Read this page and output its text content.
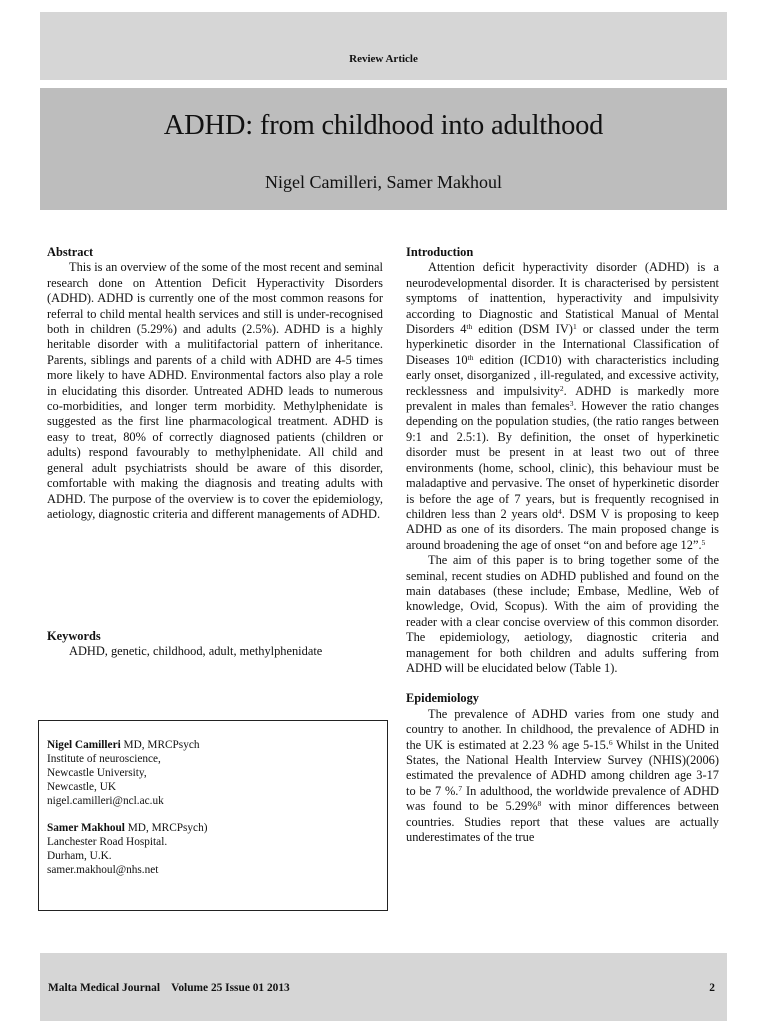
Review Article
ADHD: from childhood into adulthood
Nigel Camilleri, Samer Makhoul

Abstract

This is an overview of the some of the most recent and seminal research done on Attention Deficit Hyperactivity Disorders (ADHD). ADHD is currently one of the most common reasons for referral to child mental health services and still is under-recognised both in children (5.29%) and adults (2.5%). ADHD is a highly heritable disorder with a mulitifactorial pattern of inheritance. Parents, siblings and parents of a child with ADHD are 4-5 times more likely to have ADHD. Environmental factors also play a role in elucidating this disorder. Untreated ADHD leads to numerous co-morbidities, and longer term morbidity. Methylphenidate is suggested as the first line pharmacological treatment. ADHD is easy to treat, 80% of correctly diagnosed patients (children or adults) respond favourably to methylphenidate. All child and general adult psychiatrists should be aware of this disorder, comfortable with making the diagnosis and treating adults with ADHD. The purpose of the overview is to cover the epidemiology, aetiology, diagnostic criteria and different managements of ADHD.

Keywords

ADHD, genetic, childhood, adult, methylphenidate

Nigel Camilleri MD, MRCPsych
Institute of neuroscience,
Newcastle University,
Newcastle, UK
nigel.camilleri@ncl.ac.uk
Samer Makhoul MD, MRCPsych)
Lanchester Road Hospital.
Durham, U.K.
samer.makhoul@nhs.net

Introduction

Attention deficit hyperactivity disorder (ADHD) is a neurodevelopmental disorder. It is characterised by persistent symptoms of inattention, hyperactivity and impulsivity according to Diagnostic and Statistical Manual of Mental Disorders 4th edition (DSM IV)$^1$ or classed under the term hyperkinetic disorder in the International Classification of Diseases 10th edition (ICD10) with characteristics including early onset, disorganized , ill-regulated, and excessive activity, recklessness and impulsivity$^2$. ADHD is markedly more prevalent in males than females$^3$. However the ratio changes depending on the population studies, (the ratio ranges between 9:1 and 2.5:1). By definition, the onset of hyperkinetic disorder must be present in at least two out of three environments (home, school, clinic), this behaviour must be maladaptive and pervasive. The onset of hyperkinetic disorder is before the age of 7 years, but is frequently recognised in children less than 2 years old$^4$. DSM V is proposing to keep ADHD as one of its disorders. The main proposed change is around broadening the age of onset “on and before age 12”.$^5$

The aim of this paper is to bring together some of the seminal, recent studies on ADHD published and found on the main databases (these include; Embase, Medline, Web of knowledge, Ovid, Scopus). With the aim of providing the reader with a clear concise overview of this common disorder. The epidemiology, aetiology, diagnostic criteria and management for both children and adults suffering from ADHD will be elucidated below (Table 1).

Epidemiology

The prevalence of ADHD varies from one study and country to another. In childhood, the prevalence of ADHD in the UK is estimated at 2.23 % age 5-15.$^6$ Whilst in the United States, the National Health Interview Survey (NHIS)(2006) estimated the prevalence of ADHD among children age 3-17 to be 7 %.$^7$ In adulthood, the worldwide prevalence of ADHD was found to be 5.29%$^8$ with minor differences between countries. Studies report that these values are actually underestimates of the true

Malta Medical Journal    Volume 25 Issue 01 2013	2
